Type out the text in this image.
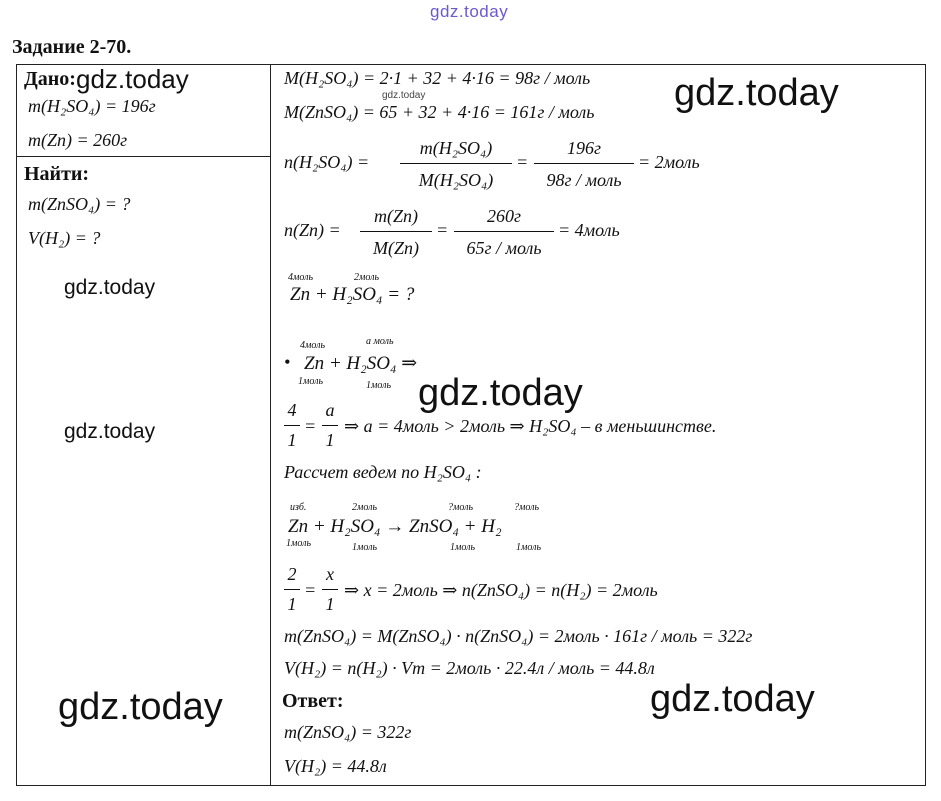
gdz.today
Задание 2-70.
Дано:
m(H₂SO₄) = 196г
m(Zn) = 260г
Найти:
m(ZnSO₄) = ?
V(H₂) = ?
gdz.today
gdz.today	gdz.today
gdz.today
gdz.today
gdz.today
gdz.today	gdz.today
M(H₂SO₄) = 2·1 + 32 + 4·16 = 98г / моль
M(ZnSO₄) = 65 + 32 + 4·16 = 161г / моль
n(H₂SO₄) =
m(H₂SO₄)
M(H₂SO₄)
=
196г
98г / моль
= 2моль
n(Zn) =
m(Zn)
M(Zn)
=
260г
65г / моль
= 4моль
4моль	2моль
Zn + H₂SO₄ = ?
4моль	a моль
• Zn + H₂SO₄ ⇒
1моль	1моль
4
1
=
a
1
⇒ a = 4моль > 2моль ⇒ H₂SO₄ – в меньшинстве.
Рассчет ведем по H₂SO₄ :
изб.	2моль	?моль	?моль
Zn + H₂SO₄ → ZnSO₄ + H₂
1моль	1моль	1моль	1моль
2
1
=
x
1
⇒ x = 2моль ⇒ n(ZnSO₄) = n(H₂) = 2моль
m(ZnSO₄) = M(ZnSO₄) · n(ZnSO₄) = 2моль · 161г / моль = 322г
V(H₂) = n(H₂) · Vm = 2моль · 22.4л / моль = 44.8л
Ответ:
m(ZnSO₄) = 322г
V(H₂) = 44.8л
